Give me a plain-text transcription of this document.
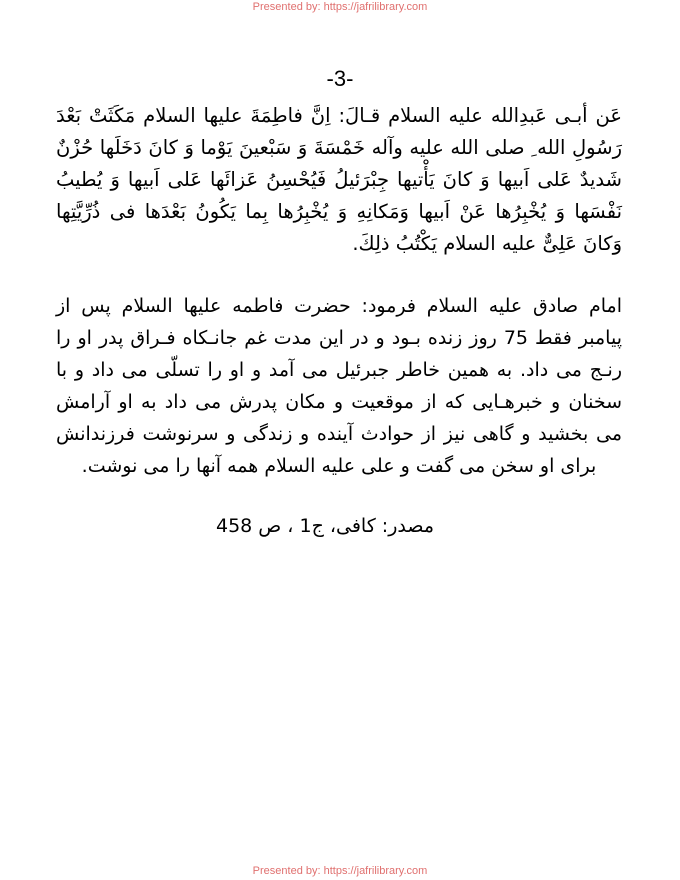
Presented by: https://jafrilibrary.com
-3-
عَن أبـى عَبدِالله عليه السلام قـالَ: اِنَّ فاطِمَةَ عليها السلام مَكَثَتْ بَعْدَ رَسُولِ الله ِ صلى الله عليه وآله خَمْسَةَ وَ سَبْعينَ يَوْما وَ كانَ دَخَلَها حُزْنٌ شَديدٌ عَلى اَبيها وَ كانَ يَأْتيها جِبْرَئيلُ فَيُحْسِنُ عَزائَها عَلى اَبيها وَ يُطيبُ نَفْسَها وَ يُخْبِرُها عَنْ اَبيها وَمَكانِهِ وَ يُخْبِرُها بِما يَكُونُ بَعْدَها فى ذُرِّيَّتِها وَكانَ عَلِىٌّ عليه السلام يَكْتُبُ ذلِكَ.
امام صادق عليه السلام فرمود: حضرت فاطمه عليها السلام پس از پيامبر فقط 75 روز زنده بـود و در اين مدت غم جانـكاه فـراق پدر او را رنـج مى داد. به همين خاطر جبرئيل مى آمد و او را تسلّى مى داد و با سخنان و خبرهـايى كه از موقعيت و مكان پدرش مى داد به او آرامش مى بخشيد و گاهى نيز از حوادث آينده و زندگى و سرنوشت فرزندانش براى او سخن مى گفت و على عليه السلام همه آنها را مى نوشت.
مصدر: كافى، ج1 ، ص 458
Presented by: https://jafrilibrary.com
